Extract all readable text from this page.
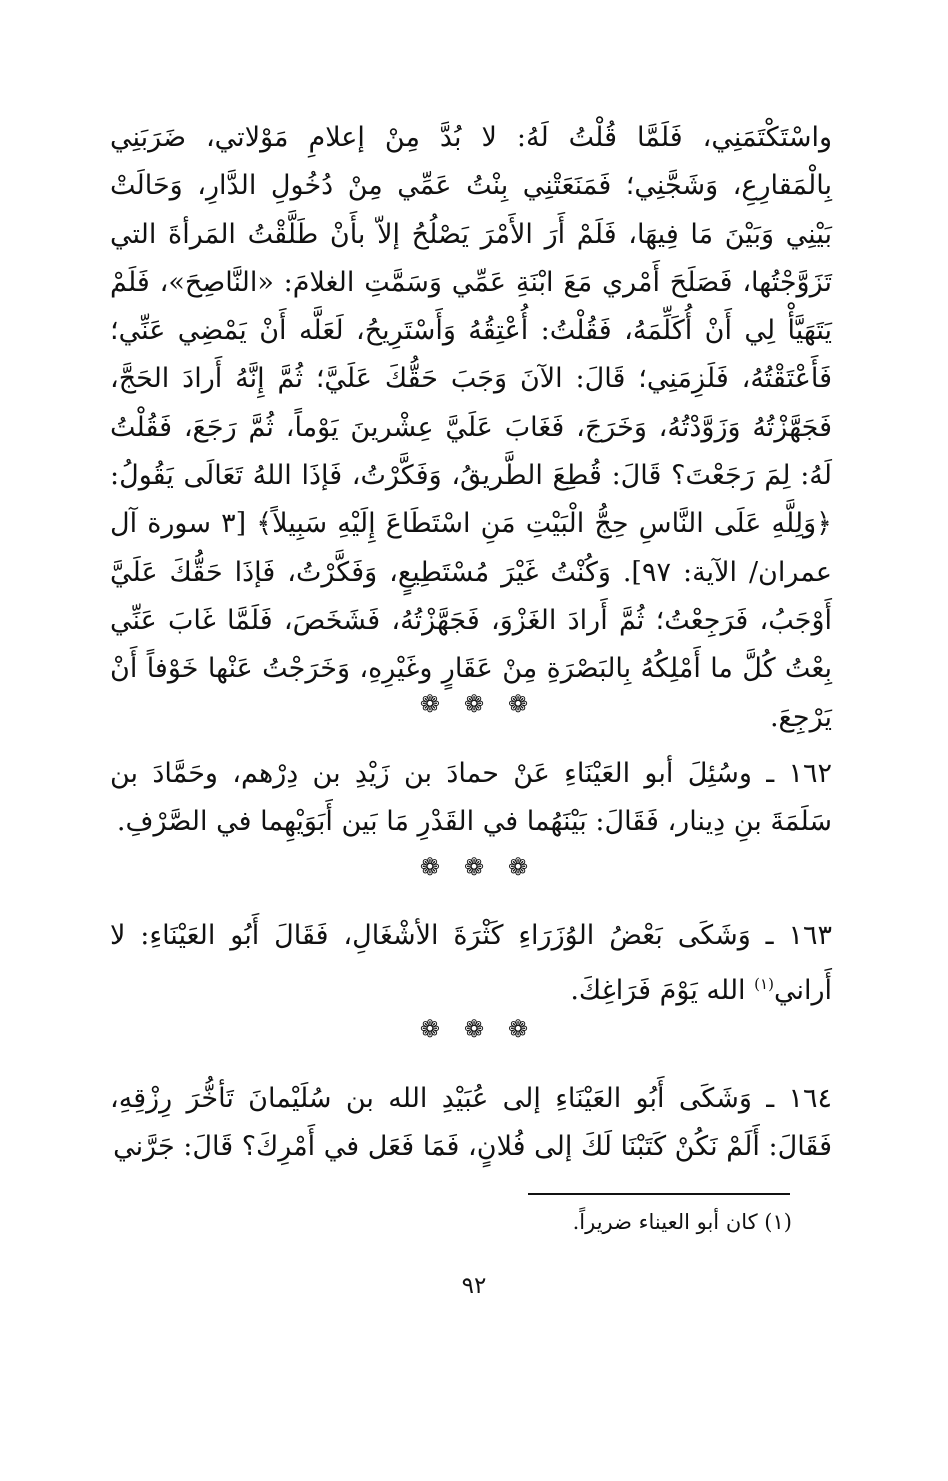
واسْتَكْتَمَنِي، فَلَمَّا قُلْتُ لَهُ: لا بُدَّ مِنْ إعلامِ مَوْلاتي، ضَرَبَنِي بِالْمَقارِعِ، وَشَجَّنِي؛ فَمَنَعَتْنِي بِنْتُ عَمِّي مِنْ دُخُولِ الدَّارِ، وَحَالَتْ بَيْنِي وَبَيْنَ مَا فِيهَا، فَلَمْ أَرَ الأَمْرَ يَصْلُحُ إلاّ بأَنْ طَلَّقْتُ المَرأةَ التي تَزَوَّجْتُها، فَصَلَحَ أَمْري مَعَ ابْنَةِ عَمِّي وَسَمَّتِ الغلامَ: «النَّاصِحَ»، فَلَمْ يَتَهَيَّأْ لِي أَنْ أُكَلِّمَهُ، فَقُلْتُ: أُعْتِقُهُ وَأَسْتَرِيحُ، لَعَلَّه أَنْ يَمْضِي عَنِّي؛ فَأَعْتَقْتُهُ، فَلَزِمَنِي؛ قَالَ: الآنَ وَجَبَ حَقُّكَ عَلَيَّ؛ ثُمَّ إِنَّهُ أَرادَ الحَجَّ، فَجَهَّزْتُهُ وَزَوَّدْتُهُ، وَخَرَجَ، فَغَابَ عَلَيَّ عِشْرينَ يَوْماً، ثُمَّ رَجَعَ، فَقُلْتُ لَهُ: لِمَ رَجَعْتَ؟ قَالَ: قُطِعَ الطَّريقُ، وَفَكَّرْتُ، فَإذَا اللهُ تَعَالَى يَقُولُ: ﴿وَلِلَّهِ عَلَى النَّاسِ حِجُّ الْبَيْتِ مَنِ اسْتَطَاعَ إِلَيْهِ سَبِيلاً﴾ [٣ سورة آل عمران/ الآية: ٩٧]. وَكُنْتُ غَيْرَ مُسْتَطِيعٍ، وَفَكَّرْتُ، فَإذَا حَقُّكَ عَلَيَّ أَوْجَبُ، فَرَجِعْتُ؛ ثُمَّ أَرادَ الغَزْوَ، فَجَهَّزْتُهُ، فَشَخَصَ، فَلَمَّا غَابَ عَنِّي بِعْتُ كُلَّ ما أَمْلِكُهُ بِالبَصْرَةِ مِنْ عَقَارٍ وغَيْرِهِ، وَخَرَجْتُ عَنْها خَوْفاً أَنْ يَرْجِعَ.

❁❁❁

١٦٢ ـ وسُئِلَ أبو العَيْنَاءِ عَنْ حمادَ بن زَيْدِ بن دِرْهم، وحَمَّادَ بن سَلَمَةَ بنِ دِينار، فَقَالَ: بَيْنَهُما في القَدْرِ مَا بَين أَبَوَيْهِما في الصَّرْفِ.

❁❁❁

١٦٣ ـ وَشَكَى بَعْضُ الوُزَرَاءِ كَثْرَةَ الأشْغَالِ، فَقَالَ أَبُو العَيْنَاءِ: لا أَراني$^{(١)}$ الله يَوْمَ فَرَاغِكَ.

❁❁❁

١٦٤ ـ وَشَكَى أَبُو العَيْنَاءِ إلى عُبَيْدِ الله بن سُلَيْمانَ تَأخُّرَ رِزْقِهِ، فَقَالَ: أَلَمْ نَكُنْ كَتَبْنَا لَكَ إلى فُلانٍ، فَمَا فَعَل في أَمْرِكَ؟ قَالَ: جَرَّني

(١) كان أبو العيناء ضريراً.
٩٢
